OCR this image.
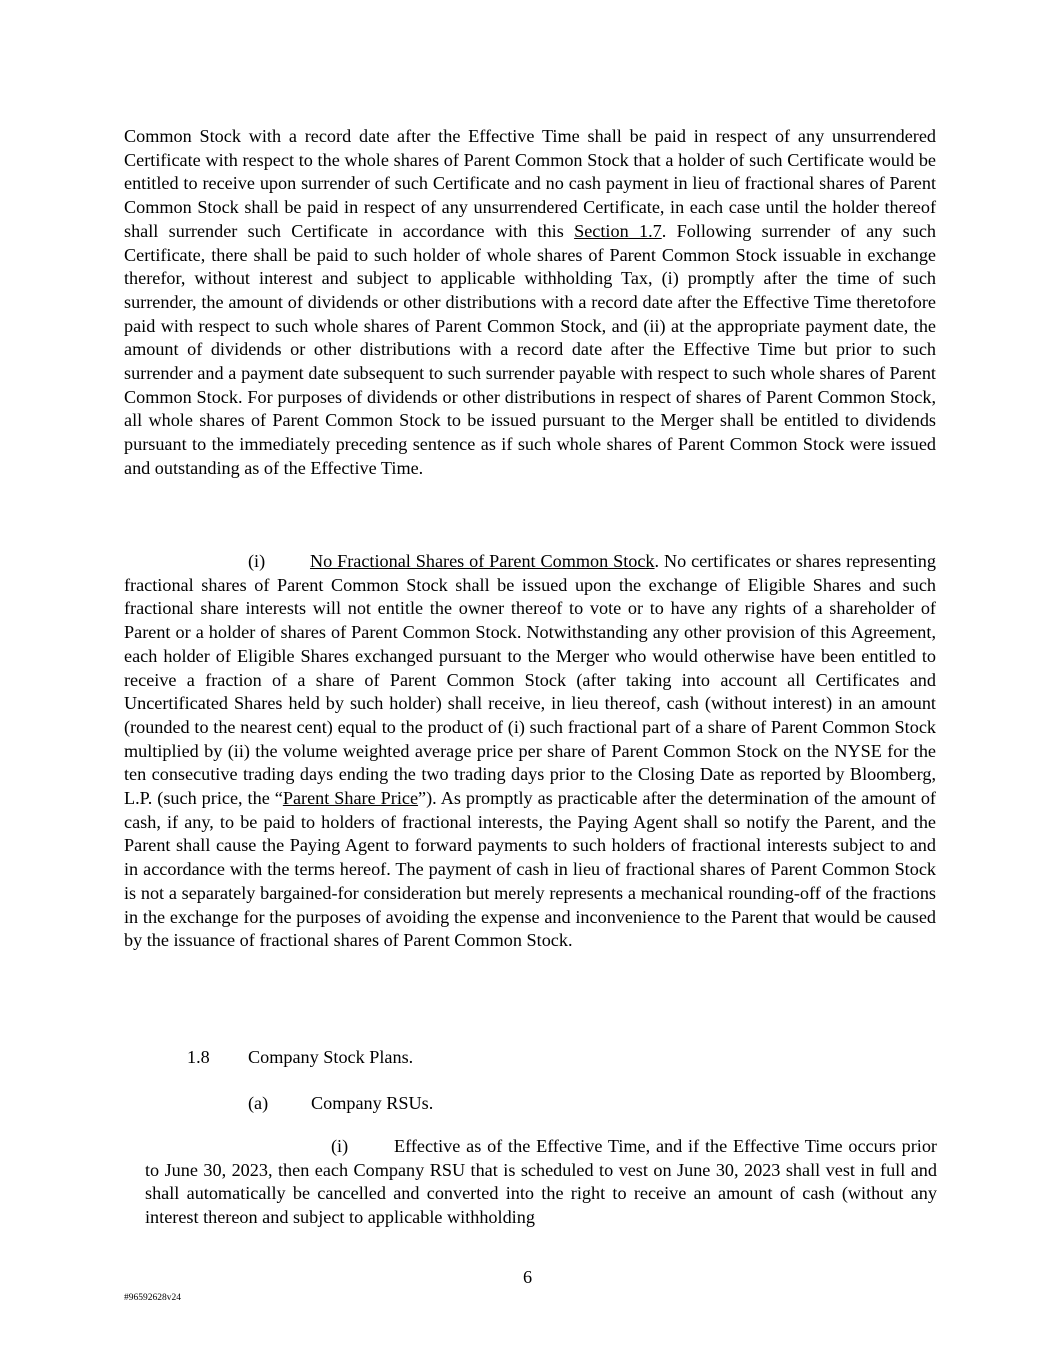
Common Stock with a record date after the Effective Time shall be paid in respect of any unsurrendered Certificate with respect to the whole shares of Parent Common Stock that a holder of such Certificate would be entitled to receive upon surrender of such Certificate and no cash payment in lieu of fractional shares of Parent Common Stock shall be paid in respect of any unsurrendered Certificate, in each case until the holder thereof shall surrender such Certificate in accordance with this Section 1.7. Following surrender of any such Certificate, there shall be paid to such holder of whole shares of Parent Common Stock issuable in exchange therefor, without interest and subject to applicable withholding Tax, (i) promptly after the time of such surrender, the amount of dividends or other distributions with a record date after the Effective Time theretofore paid with respect to such whole shares of Parent Common Stock, and (ii) at the appropriate payment date, the amount of dividends or other distributions with a record date after the Effective Time but prior to such surrender and a payment date subsequent to such surrender payable with respect to such whole shares of Parent Common Stock. For purposes of dividends or other distributions in respect of shares of Parent Common Stock, all whole shares of Parent Common Stock to be issued pursuant to the Merger shall be entitled to dividends pursuant to the immediately preceding sentence as if such whole shares of Parent Common Stock were issued and outstanding as of the Effective Time.

(i) No Fractional Shares of Parent Common Stock. No certificates or shares representing fractional shares of Parent Common Stock shall be issued upon the exchange of Eligible Shares and such fractional share interests will not entitle the owner thereof to vote or to have any rights of a shareholder of Parent or a holder of shares of Parent Common Stock. Notwithstanding any other provision of this Agreement, each holder of Eligible Shares exchanged pursuant to the Merger who would otherwise have been entitled to receive a fraction of a share of Parent Common Stock (after taking into account all Certificates and Uncertificated Shares held by such holder) shall receive, in lieu thereof, cash (without interest) in an amount (rounded to the nearest cent) equal to the product of (i) such fractional part of a share of Parent Common Stock multiplied by (ii) the volume weighted average price per share of Parent Common Stock on the NYSE for the ten consecutive trading days ending the two trading days prior to the Closing Date as reported by Bloomberg, L.P. (such price, the “Parent Share Price”). As promptly as practicable after the determination of the amount of cash, if any, to be paid to holders of fractional interests, the Paying Agent shall so notify the Parent, and the Parent shall cause the Paying Agent to forward payments to such holders of fractional interests subject to and in accordance with the terms hereof. The payment of cash in lieu of fractional shares of Parent Common Stock is not a separately bargained-for consideration but merely represents a mechanical rounding-off of the fractions in the exchange for the purposes of avoiding the expense and inconvenience to the Parent that would be caused by the issuance of fractional shares of Parent Common Stock.

1.8 Company Stock Plans.

(a) Company RSUs.

(i)	Effective as of the Effective Time, and if the Effective Time occurs prior to June 30, 2023, then each Company RSU that is scheduled to vest on June 30, 2023 shall vest in full and shall automatically be cancelled and converted into the right to receive an amount of cash (without any interest thereon and subject to applicable withholding

6
#96592628v24
